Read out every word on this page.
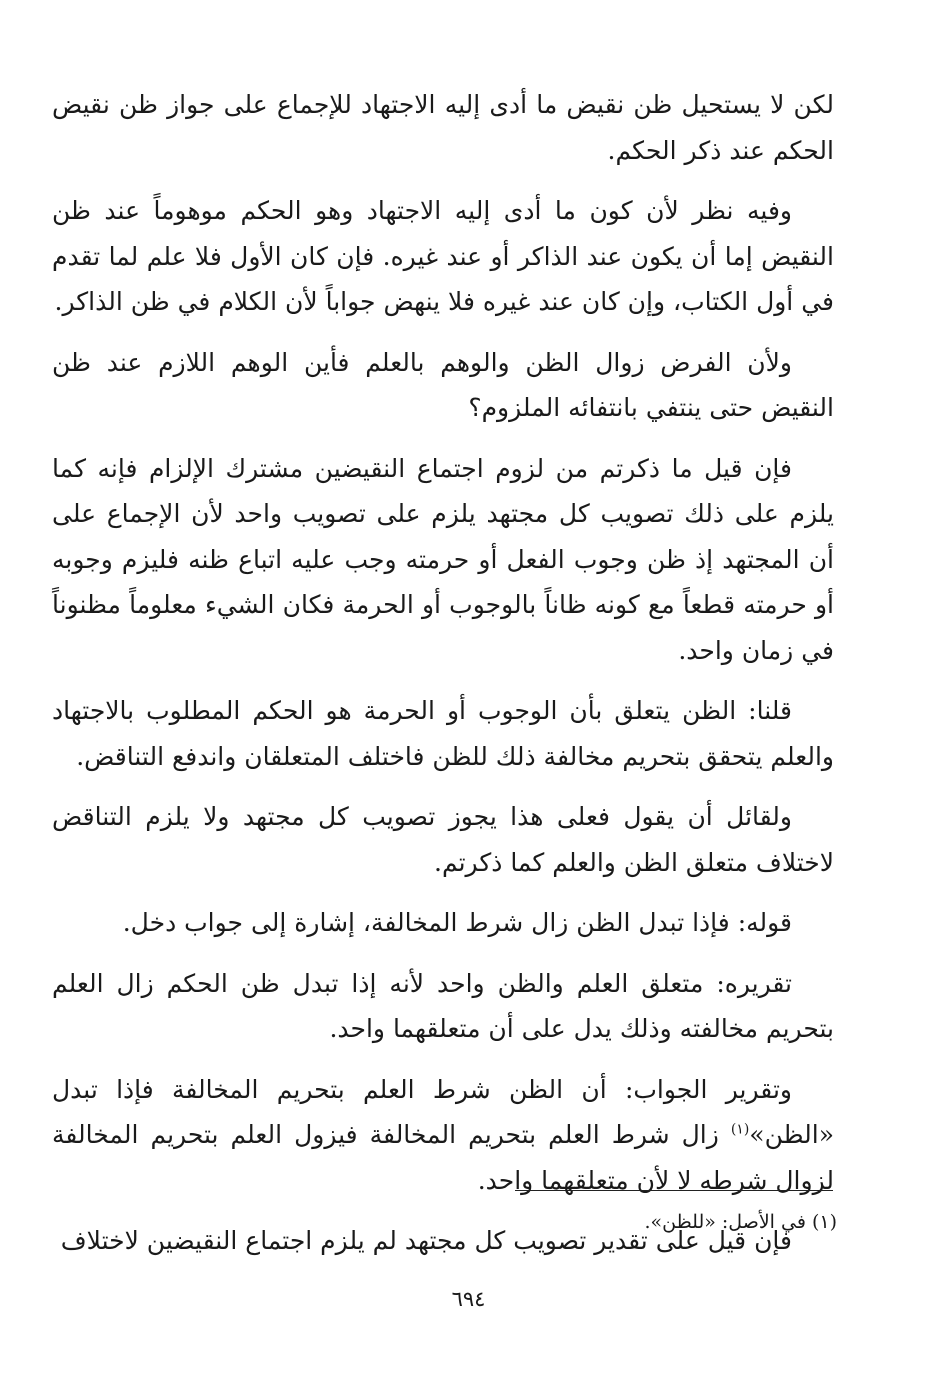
لكن لا يستحيل ظن نقيض ما أدى إليه الاجتهاد للإجماع على جواز ظن نقيض الحكم عند ذكر الحكم.

وفيه نظر لأن كون ما أدى إليه الاجتهاد وهو الحكم موهوماً عند ظن النقيض إما أن يكون عند الذاكر أو عند غيره. فإن كان الأول فلا علم لما تقدم في أول الكتاب، وإن كان عند غيره فلا ينهض جواباً لأن الكلام في ظن الذاكر.

ولأن الفرض زوال الظن والوهم بالعلم فأين الوهم اللازم عند ظن النقيض حتى ينتفي بانتفائه الملزوم؟

فإن قيل ما ذكرتم من لزوم اجتماع النقيضين مشترك الإلزام فإنه كما يلزم على ذلك تصويب كل مجتهد يلزم على تصويب واحد لأن الإجماع على أن المجتهد إذ ظن وجوب الفعل أو حرمته وجب عليه اتباع ظنه فليزم وجوبه أو حرمته قطعاً مع كونه ظاناً بالوجوب أو الحرمة فكان الشيء معلوماً مظنوناً في زمان واحد.

قلنا: الظن يتعلق بأن الوجوب أو الحرمة هو الحكم المطلوب بالاجتهاد والعلم يتحقق بتحريم مخالفة ذلك للظن فاختلف المتعلقان واندفع التناقض.

ولقائل أن يقول فعلى هذا يجوز تصويب كل مجتهد ولا يلزم التناقض لاختلاف متعلق الظن والعلم كما ذكرتم.

قوله: فإذا تبدل الظن زال شرط المخالفة، إشارة إلى جواب دخل.

تقريره: متعلق العلم والظن واحد لأنه إذا تبدل ظن الحكم زال العلم بتحريم مخالفته وذلك يدل على أن متعلقهما واحد.

وتقرير الجواب: أن الظن شرط العلم بتحريم المخالفة فإذا تبدل «الظن»$^{(١)}$ زال شرط العلم بتحريم المخالفة فيزول العلم بتحريم المخالفة لزوال شرطه لا لأن متعلقهما واحد.

فإن قيل على تقدير تصويب كل مجتهد لم يلزم اجتماع النقيضين لاختلاف

(١) في الأصل: «للظن».
٦٩٤
